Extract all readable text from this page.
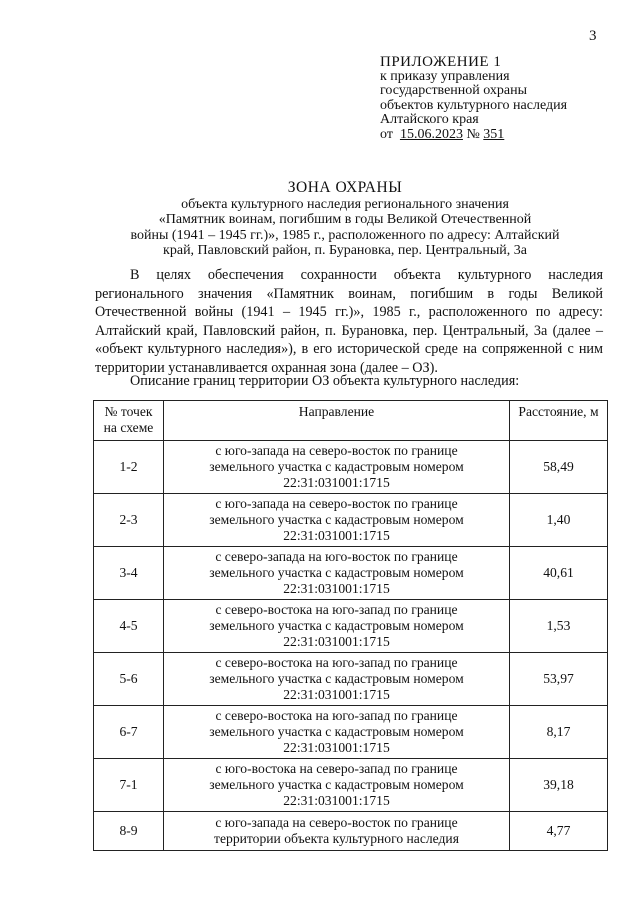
3
ПРИЛОЖЕНИЕ 1
к приказу управления
государственной охраны
объектов культурного наследия
Алтайского края
от 15.06.2023 № 351
ЗОНА ОХРАНЫ
объекта культурного наследия регионального значения
«Памятник воинам, погибшим в годы Великой Отечественной
войны (1941 – 1945 гг.)», 1985 г., расположенного по адресу: Алтайский
край, Павловский район, п. Бурановка, пер. Центральный, 3а
В целях обеспечения сохранности объекта культурного наследия регионального значения «Памятник воинам, погибшим в годы Великой Отечественной войны (1941 – 1945 гг.)», 1985 г., расположенного по адресу: Алтайский край, Павловский район, п. Бурановка, пер. Центральный, 3а (далее – «объект культурного наследия»), в его исторической среде на сопряженной с ним территории устанавливается охранная зона (далее – ОЗ).
Описание границ территории ОЗ объекта культурного наследия:
№ точек
на схеме	Направление	Расстояние, м
1-2	с юго-запада на северо-восток по границе
земельного участка с кадастровым номером
22:31:031001:1715	58,49
2-3	с юго-запада на северо-восток по границе
земельного участка с кадастровым номером
22:31:031001:1715	1,40
3-4	с северо-запада на юго-восток по границе
земельного участка с кадастровым номером
22:31:031001:1715	40,61
4-5	с северо-востока на юго-запад по границе
земельного участка с кадастровым номером
22:31:031001:1715	1,53
5-6	с северо-востока на юго-запад по границе
земельного участка с кадастровым номером
22:31:031001:1715	53,97
6-7	с северо-востока на юго-запад по границе
земельного участка с кадастровым номером
22:31:031001:1715	8,17
7-1	с юго-востока на северо-запад по границе
земельного участка с кадастровым номером
22:31:031001:1715	39,18
8-9	с юго-запада на северо-восток по границе
территории объекта культурного наследия	4,77
